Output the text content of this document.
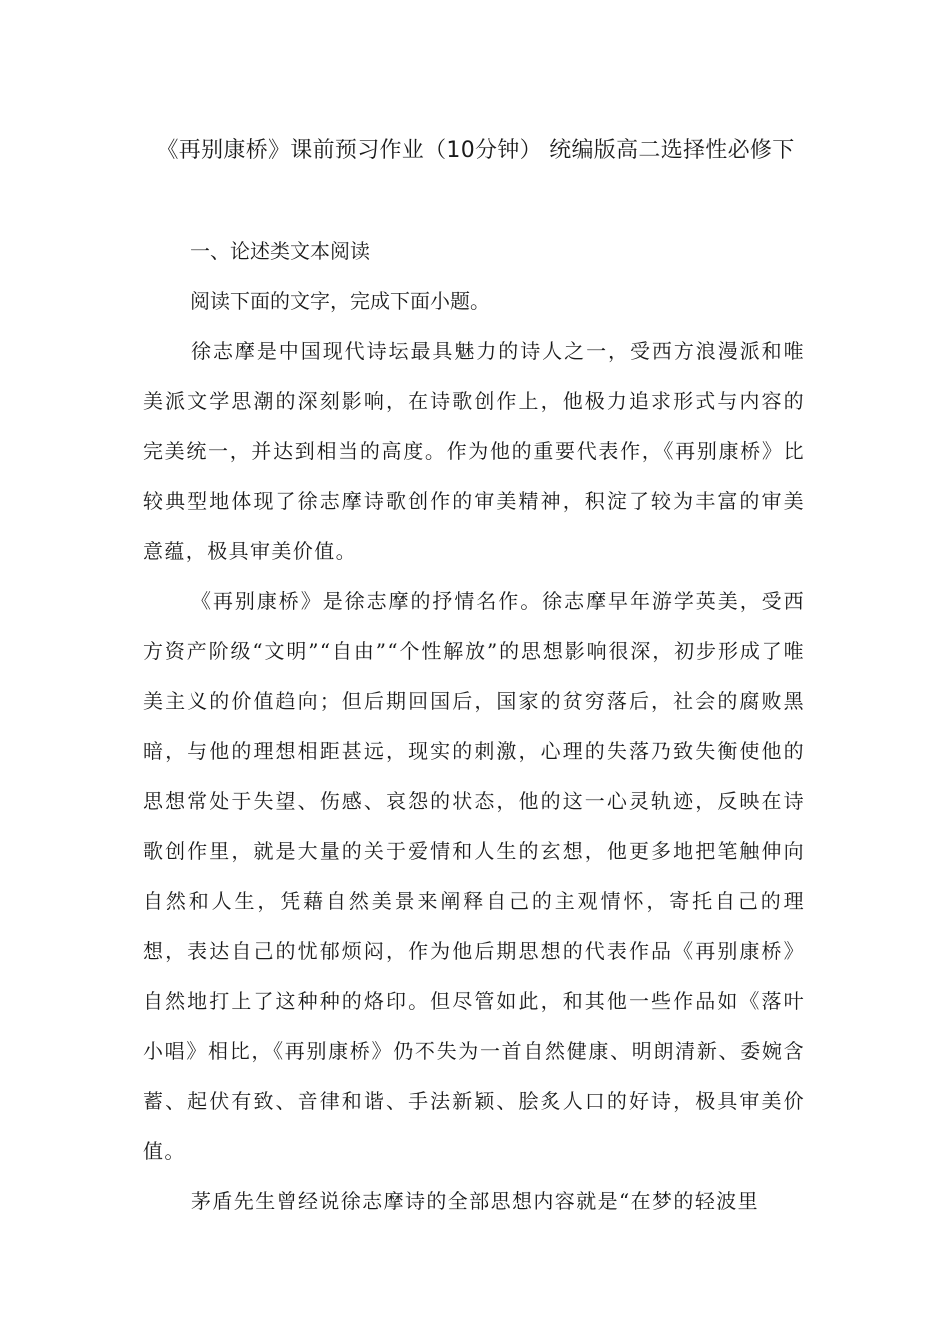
《再别康桥》课前预习作业（10分钟） 统编版高二选择性必修下

一、论述类文本阅读

阅读下面的文字，完成下面小题。

徐志摩是中国现代诗坛最具魅力的诗人之一，受西方浪漫派和唯美派文学思潮的深刻影响，在诗歌创作上，他极力追求形式与内容的完美统一，并达到相当的高度。作为他的重要代表作，《再别康桥》比较典型地体现了徐志摩诗歌创作的审美精神，积淀了较为丰富的审美意蕴，极具审美价值。

《再别康桥》是徐志摩的抒情名作。徐志摩早年游学英美，受西方资产阶级“文明”“自由”“个性解放”的思想影响很深，初步形成了唯美主义的价值趋向；但后期回国后，国家的贫穷落后，社会的腐败黑暗，与他的理想相距甚远，现实的刺激，心理的失落乃致失衡使他的思想常处于失望、伤感、哀怨的状态，他的这一心灵轨迹，反映在诗歌创作里，就是大量的关于爱情和人生的玄想，他更多地把笔触伸向自然和人生，凭藉自然美景来阐释自己的主观情怀，寄托自己的理想，表达自己的忧郁烦闷，作为他后期思想的代表作品《再别康桥》自然地打上了这种种的烙印。但尽管如此，和其他一些作品如《落叶小唱》相比，《再别康桥》仍不失为一首自然健康、明朗清新、委婉含蓄、起伏有致、音律和谐、手法新颖、脍炙人口的好诗，极具审美价值。

茅盾先生曾经说徐志摩诗的全部思想内容就是“在梦的轻波里
